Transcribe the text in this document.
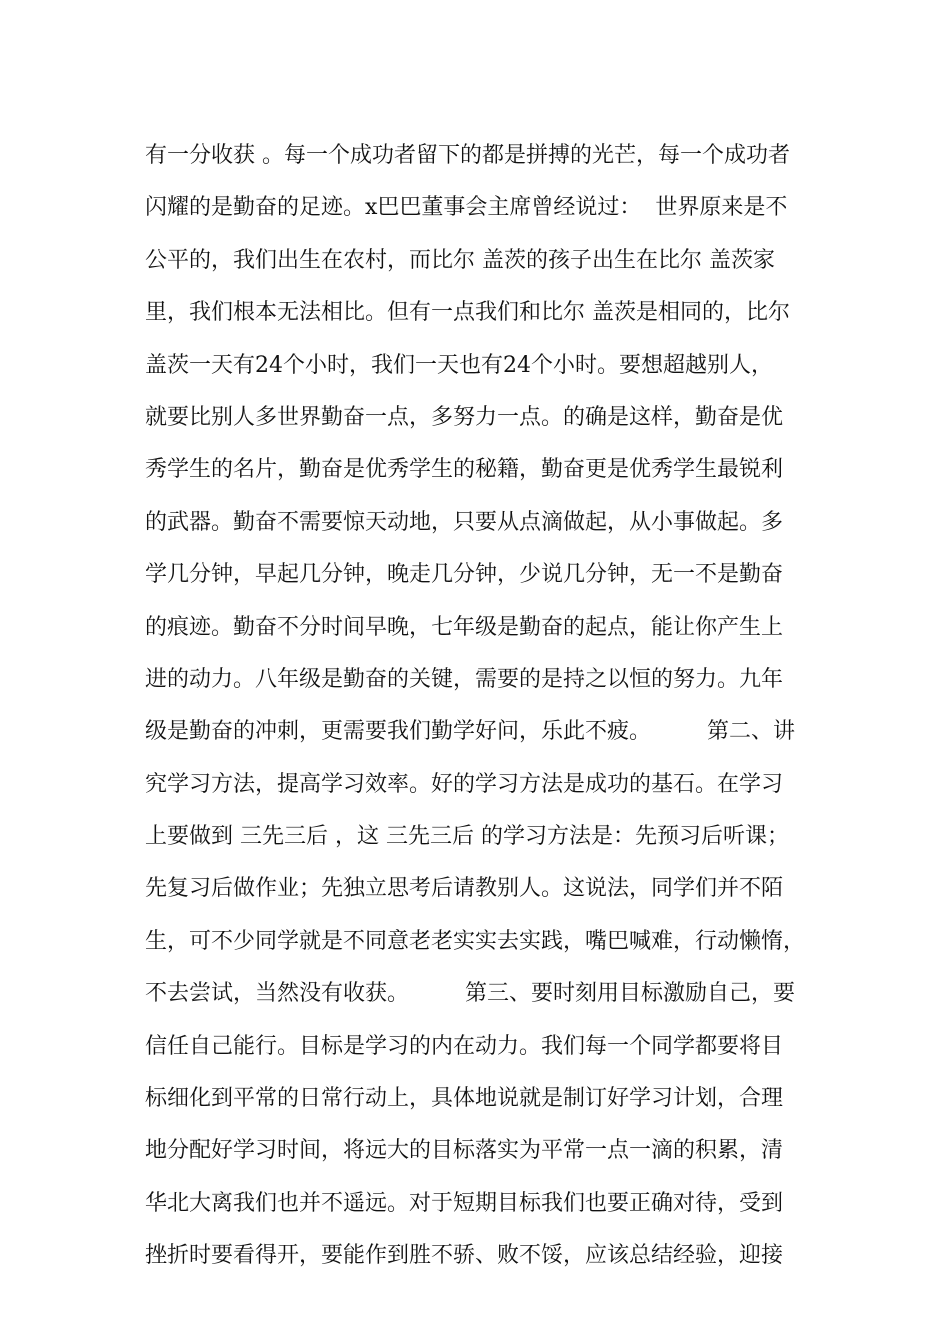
有一分收获 。每一个成功者留下的都是拼搏的光芒，每一个成功者
闪耀的是勤奋的足迹。x巴巴董事会主席曾经说过：  世界原来是不
公平的，我们出生在农村，而比尔 盖茨的孩子出生在比尔 盖茨家
里，我们根本无法相比。但有一点我们和比尔 盖茨是相同的，比尔
盖茨一天有24个小时，我们一天也有24个小时。要想超越别人，
就要比别人多世界勤奋一点，多努力一点。的确是这样，勤奋是优
秀学生的名片，勤奋是优秀学生的秘籍，勤奋更是优秀学生最锐利
的武器。勤奋不需要惊天动地，只要从点滴做起，从小事做起。多
学几分钟，早起几分钟，晚走几分钟，少说几分钟，无一不是勤奋
的痕迹。勤奋不分时间早晚，七年级是勤奋的起点，能让你产生上
进的动力。八年级是勤奋的关键，需要的是持之以恒的努力。九年
级是勤奋的冲刺，更需要我们勤学好问，乐此不疲。        第二、讲
究学习方法，提高学习效率。好的学习方法是成功的基石。在学习
上要做到 三先三后 ，这 三先三后 的学习方法是：先预习后听课；
先复习后做作业；先独立思考后请教别人。这说法，同学们并不陌
生，可不少同学就是不同意老老实实去实践，嘴巴喊难，行动懒惰，
不去尝试，当然没有收获。        第三、要时刻用目标激励自己，要
信任自己能行。目标是学习的内在动力。我们每一个同学都要将目
标细化到平常的日常行动上，具体地说就是制订好学习计划，合理
地分配好学习时间，将远大的目标落实为平常一点一滴的积累，清
华北大离我们也并不遥远。对于短期目标我们也要正确对待，受到
挫折时要看得开，要能作到胜不骄、败不馁，应该总结经验，迎接
